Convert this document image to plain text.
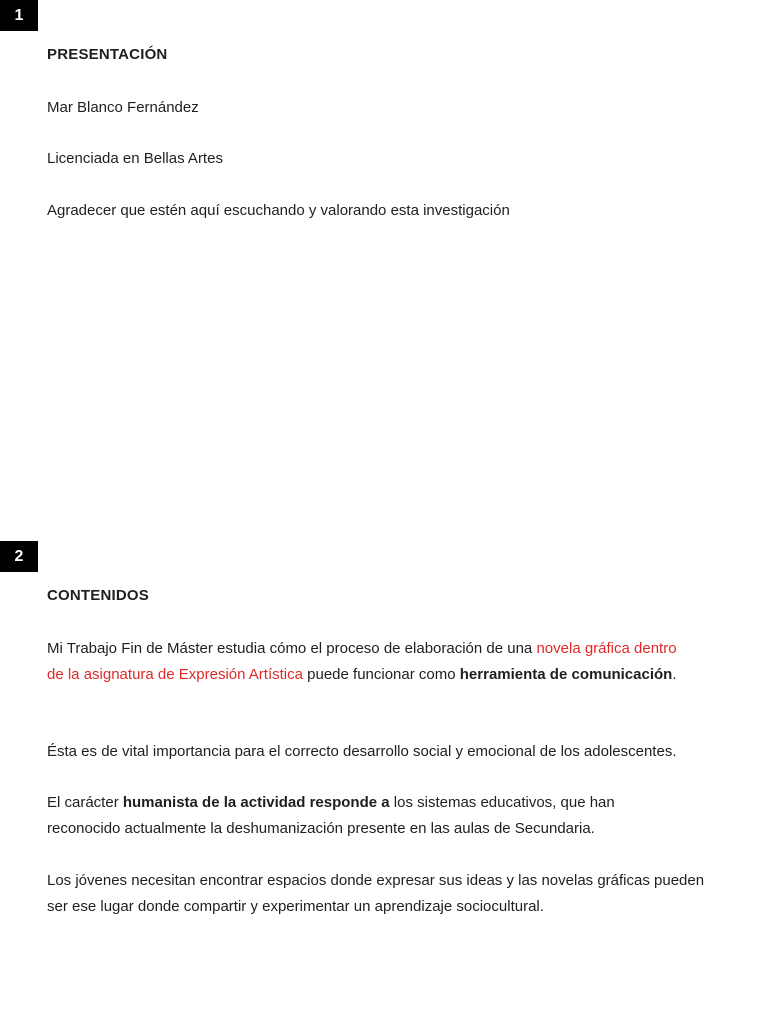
1
PRESENTACIÓN

Mar Blanco Fernández

Licenciada en Bellas Artes

Agradecer que estén aquí escuchando y valorando esta investigación

2
CONTENIDOS

Mi Trabajo Fin de Máster estudia cómo el proceso de elaboración de una novela gráfica dentro de la asignatura de Expresión Artística puede funcionar como herramienta de comunicación.

Ésta es de vital importancia para el correcto desarrollo social y emocional de los adolescentes.

El carácter humanista de la actividad responde a los sistemas educativos, que han reconocido actualmente la deshumanización presente en las aulas de Secundaria.

Los jóvenes necesitan encontrar espacios donde expresar sus ideas y las novelas gráficas pueden ser ese lugar donde compartir y experimentar un aprendizaje sociocultural.
